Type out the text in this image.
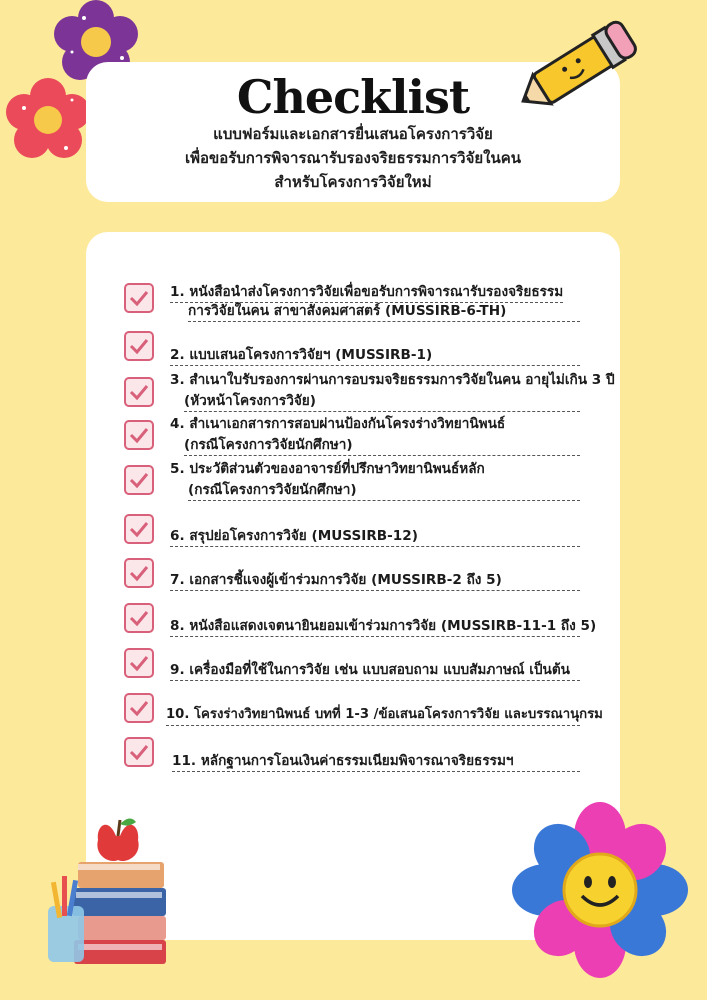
Checklist
แบบฟอร์มและเอกสารยื่นเสนอโครงการวิจัย
เพื่อขอรับการพิจารณารับรองจริยธรรมการวิจัยในคน
สำหรับโครงการวิจัยใหม่
1. หนังสือนำส่งโครงการวิจัยเพื่อขอรับการพิจารณารับรองจริยธรรม
การวิจัยในคน สาขาสังคมศาสตร์ (MUSSIRB-6-TH)
2. แบบเสนอโครงการวิจัยฯ (MUSSIRB-1)
3. สำเนาใบรับรองการผ่านการอบรมจริยธรรมการวิจัยในคน อายุไม่เกิน 3 ปี
(หัวหน้าโครงการวิจัย)
4. สำเนาเอกสารการสอบผ่านป้องกันโครงร่างวิทยานิพนธ์
(กรณีโครงการวิจัยนักศึกษา)
5. ประวัติส่วนตัวของอาจารย์ที่ปรึกษาวิทยานิพนธ์หลัก
(กรณีโครงการวิจัยนักศึกษา)
6. สรุปย่อโครงการวิจัย (MUSSIRB-12)
7. เอกสารชี้แจงผู้เข้าร่วมการวิจัย (MUSSIRB-2 ถึง 5)
8. หนังสือแสดงเจตนายินยอมเข้าร่วมการวิจัย (MUSSIRB-11-1 ถึง 5)
9. เครื่องมือที่ใช้ในการวิจัย เช่น แบบสอบถาม แบบสัมภาษณ์ เป็นต้น
10. โครงร่างวิทยานิพนธ์ บทที่ 1-3 /ข้อเสนอโครงการวิจัย และบรรณานุกรม
11. หลักฐานการโอนเงินค่าธรรมเนียมพิจารณาจริยธรรมฯ
